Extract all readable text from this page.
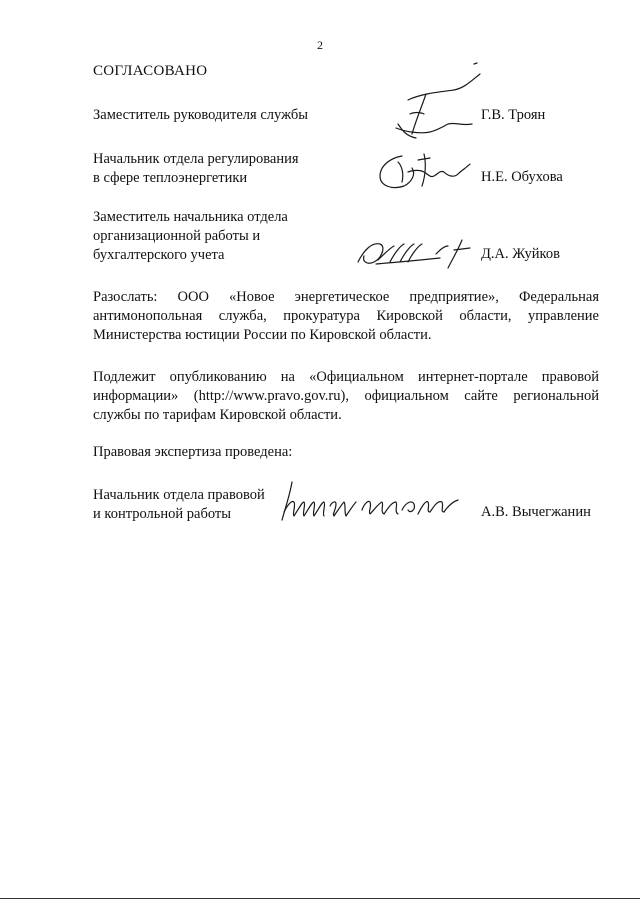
2
СОГЛАСОВАНО
Заместитель руководителя службы	Г.В. Троян
Начальник отдела регулирования
в сфере теплоэнергетики	Н.Е. Обухова
Заместитель начальника отдела
организационной работы и
бухгалтерского учета	Д.А. Жуйков
Разослать: ООО «Новое энергетическое предприятие», Федеральная
антимонопольная служба, прокуратура Кировской области, управление
Министерства юстиции России по Кировской области.
Подлежит опубликованию на «Официальном интернет-портале правовой
информации» (http://www.pravo.gov.ru), официальном сайте региональной
службы по тарифам Кировской области.
Правовая экспертиза проведена:
Начальник отдела правовой
и контрольной работы	А.В. Вычегжанин
